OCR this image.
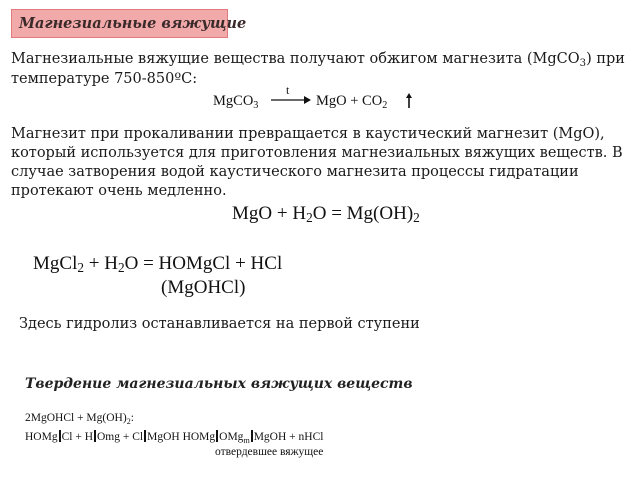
Магнезиальные вяжущие
Магнезиальные вяжущие вещества получают обжигом магнезита (MgCO$_3$) при
температуре 750-850ºC:
MgCO$_3$
t
→ MgO + $CO_2$
Магнезит при прокаливании превращается в каустический магнезит (MgO),
который используется для приготовления магнезиальных вяжущих веществ. В
случае затворения водой каустического магнезита процессы гидратации
протекают очень медленно.
MgO + $H_2O = Mg(OH)_2$
MgCl$_2$ + $H_2O$ = HOMgCl + HCl
(MgOHCl)
Здесь гидролиз останавливается на первой ступени
Твердение магнезиальных вяжущих веществ
2MgOHCl + $Mg(OH)_2$:
HOMg Cl + H Omg + Cl MgOH HOMg OMg$_m$ MgOH + nHCl
отвердевшее вяжущее
